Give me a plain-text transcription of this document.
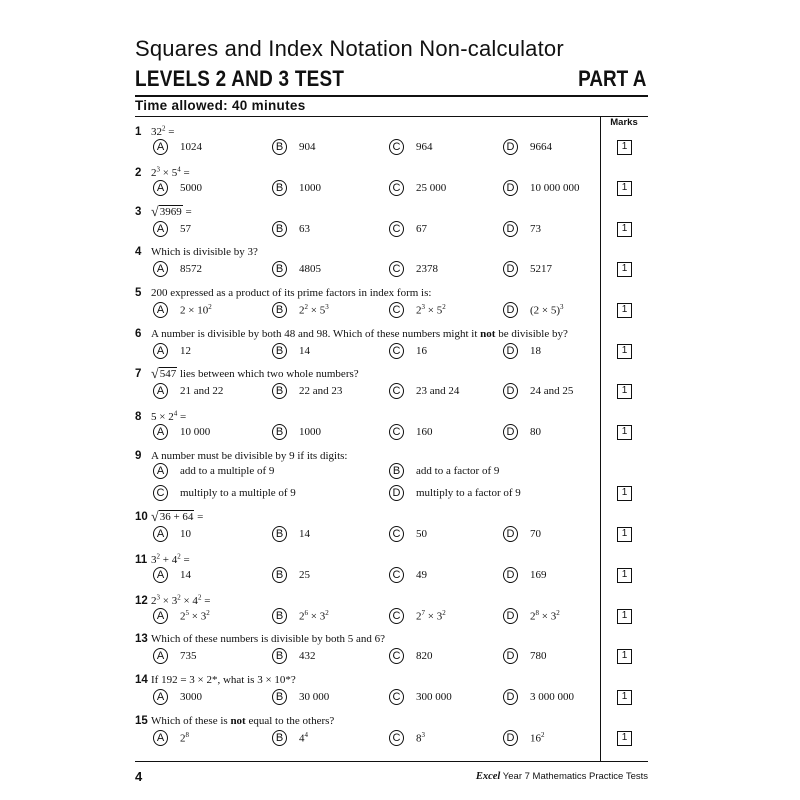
Squares and Index Notation Non-calculator
LEVELS 2 AND 3 TEST	PART A
Time allowed: 40 minutes
Marks
1 $32^2$ =
A	1024	B	904	C	964	D	9664	1
2 $2^3 \times 5^4$ =
A	5000	B	1000	C	25 000	D	10 000 000	1
3 √3969 =
A	57	B	63	C	67	D	73	1
4 Which is divisible by 3?
A	8572	B	4805	C	2378	D	5217	1
5 200 expressed as a product of its prime factors in index form is:
A	$2 \times 10^2$	B	$2^2 \times 5^3$	C	$2^3 \times 5^2$	D	$(2 \times 5)^3$	1
6 A number is divisible by both 48 and 98. Which of these numbers might it not be divisible by?
A	12	B	14	C	16	D	18	1
7 √547 lies between which two whole numbers?
A	21 and 22	B	22 and 23	C	23 and 24	D	24 and 25	1
8 $5 \times 2^4$ =
A	10 000	B	1000	C	160	D	80	1
9 A number must be divisible by 9 if its digits:
A	add to a multiple of 9	B	add to a factor of 9
C	multiply to a multiple of 9	D	multiply to a factor of 9	1
10 √36 + 64 =
A	10	B	14	C	50	D	70	1
11 $3^2 + 4^2$ =
A	14	B	25	C	49	D	169	1
12 $2^3 \times 3^2 \times 4^2$ =
A	$2^5 \times 3^2$	B	$2^6 \times 3^2$	C	$2^7 \times 3^2$	D	$2^8 \times 3^2$	1
13 Which of these numbers is divisible by both 5 and 6?
A	735	B	432	C	820	D	780	1
14 If 192 = 3 × 2*, what is 3 × 10*?
A	3000	B	30 000	C	300 000	D	3 000 000	1
15 Which of these is not equal to the others?
A	$2^8$	B	$4^4$	C	$8^3$	D	$16^2$	1
4	Excel Year 7 Mathematics Practice Tests
